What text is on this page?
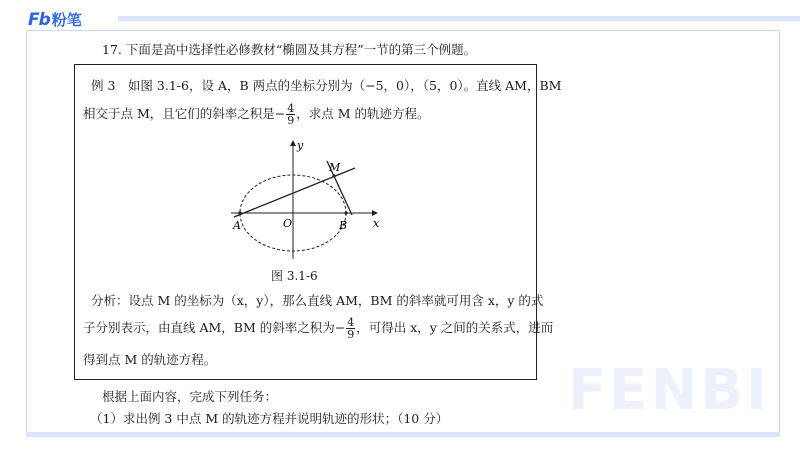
Fb 粉笔
FENBI
17. 下面是高中选择性必修教材“椭圆及其方程”一节的第三个例题。
例 3　如图 3.1-6，设 A，B 两点的坐标分别为（−5，0），（5，0）。直线 AM，BM
相交于点 M，且它们的斜率之积是− $\frac{4}{9}$ ，求点 M 的轨迹方程。
y
x
M
O
A	B
图 3.1-6
分析：设点 M 的坐标为（x，y），那么直线 AM，BM 的斜率就可用含 x，y 的式
子分别表示，由直线 AM，BM 的斜率之积为− $\frac{4}{9}$ ，可得出 x，y 之间的关系式，进而
得到点 M 的轨迹方程。
根据上面内容，完成下列任务：
（1）求出例 3 中点 M 的轨迹方程并说明轨迹的形状；（10 分）
